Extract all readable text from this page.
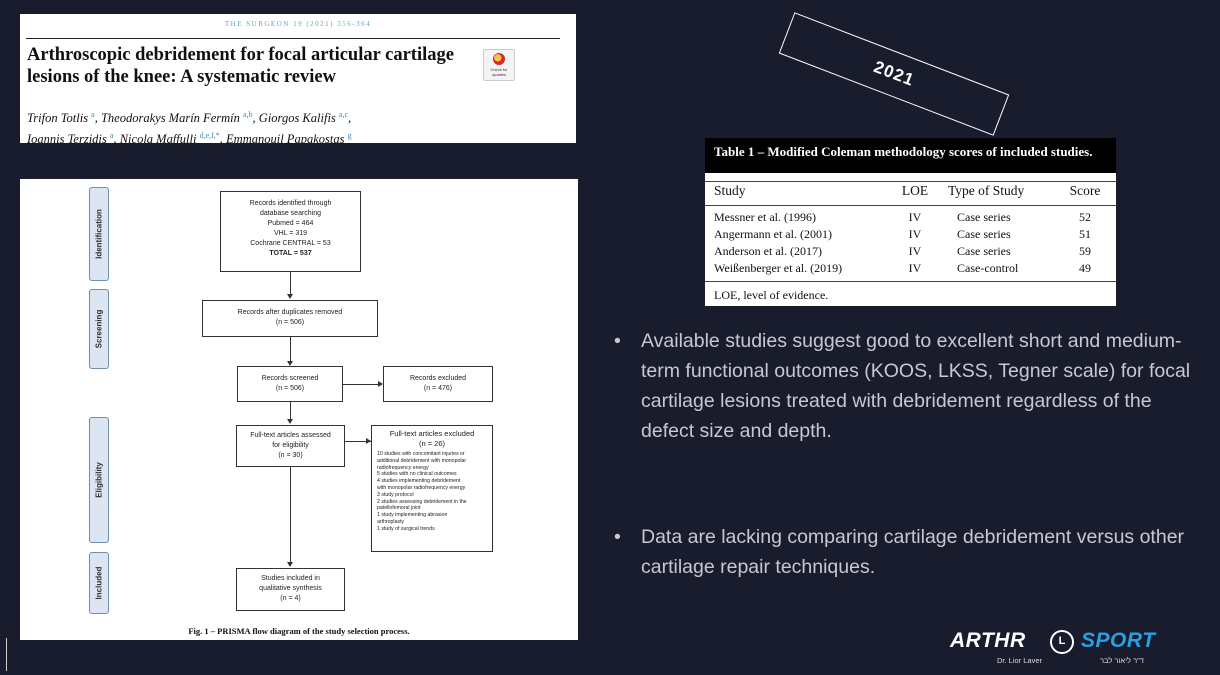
THE SURGEON 19 (2021) 356-364
Arthroscopic debridement for focal articular cartilage lesions of the knee: A systematic review	Check for updates
Trifon Totlis $^a$, Theodorakys Marín Fermín $^{a,b}$, Giorgos Kalifis $^{a,c}$,
Ioannis Terzidis $^a$, Nicola Maffulli $^{d,e,f,*}$, Emmanouil Papakostas $^g$
Identification
Screening
Eligibility
Included
Records identified through
database searching
Pubmed = 464
VHL = 319
Cochrane CENTRAL = 53
TOTAL = 537
Records after duplicates removed
(n = 506)
Records screened
(n = 506)
Records excluded
(n = 476)
Full-text articles assessed
for eligibility
(n = 30)
Full-text articles excluded
(n = 26)
10 studies with concomitant injuries or
additional debridement with monopolar
radiofrequency energy
5 studies with no clinical outcomes
4 studies implementing debridement
with monopolar radiofrequency energy
3 study protocol
2 studies assessing debridement in the
patellofemoral joint
1 study implementing abrasion
arthroplasty
1 study of surgical trends
Studies included in
qualitative synthesis
(n = 4)
Fig. 1 – PRISMA flow diagram of the study selection process.
2021
Table 1 – Modified Coleman methodology scores of included studies.
Study	LOE Type of Study	Score
Messner et al. (1996)	IV	Case series	52
Angermann et al. (2001)	IV	Case series	51
Anderson et al. (2017)	IV	Case series	59
Weißenberger et al. (2019)	IV	Case-control	49
LOE, level of evidence.
• Available studies suggest good to excellent short and medium-term functional outcomes (KOOS, LKSS, Tegner scale) for focal cartilage lesions treated with debridement regardless of the defect size and depth.
• Data are lacking comparing cartilage debridement versus other cartilage repair techniques.
ARTHR	L SPORT
Dr. Lior Laver	ד"ר ליאור לבר
